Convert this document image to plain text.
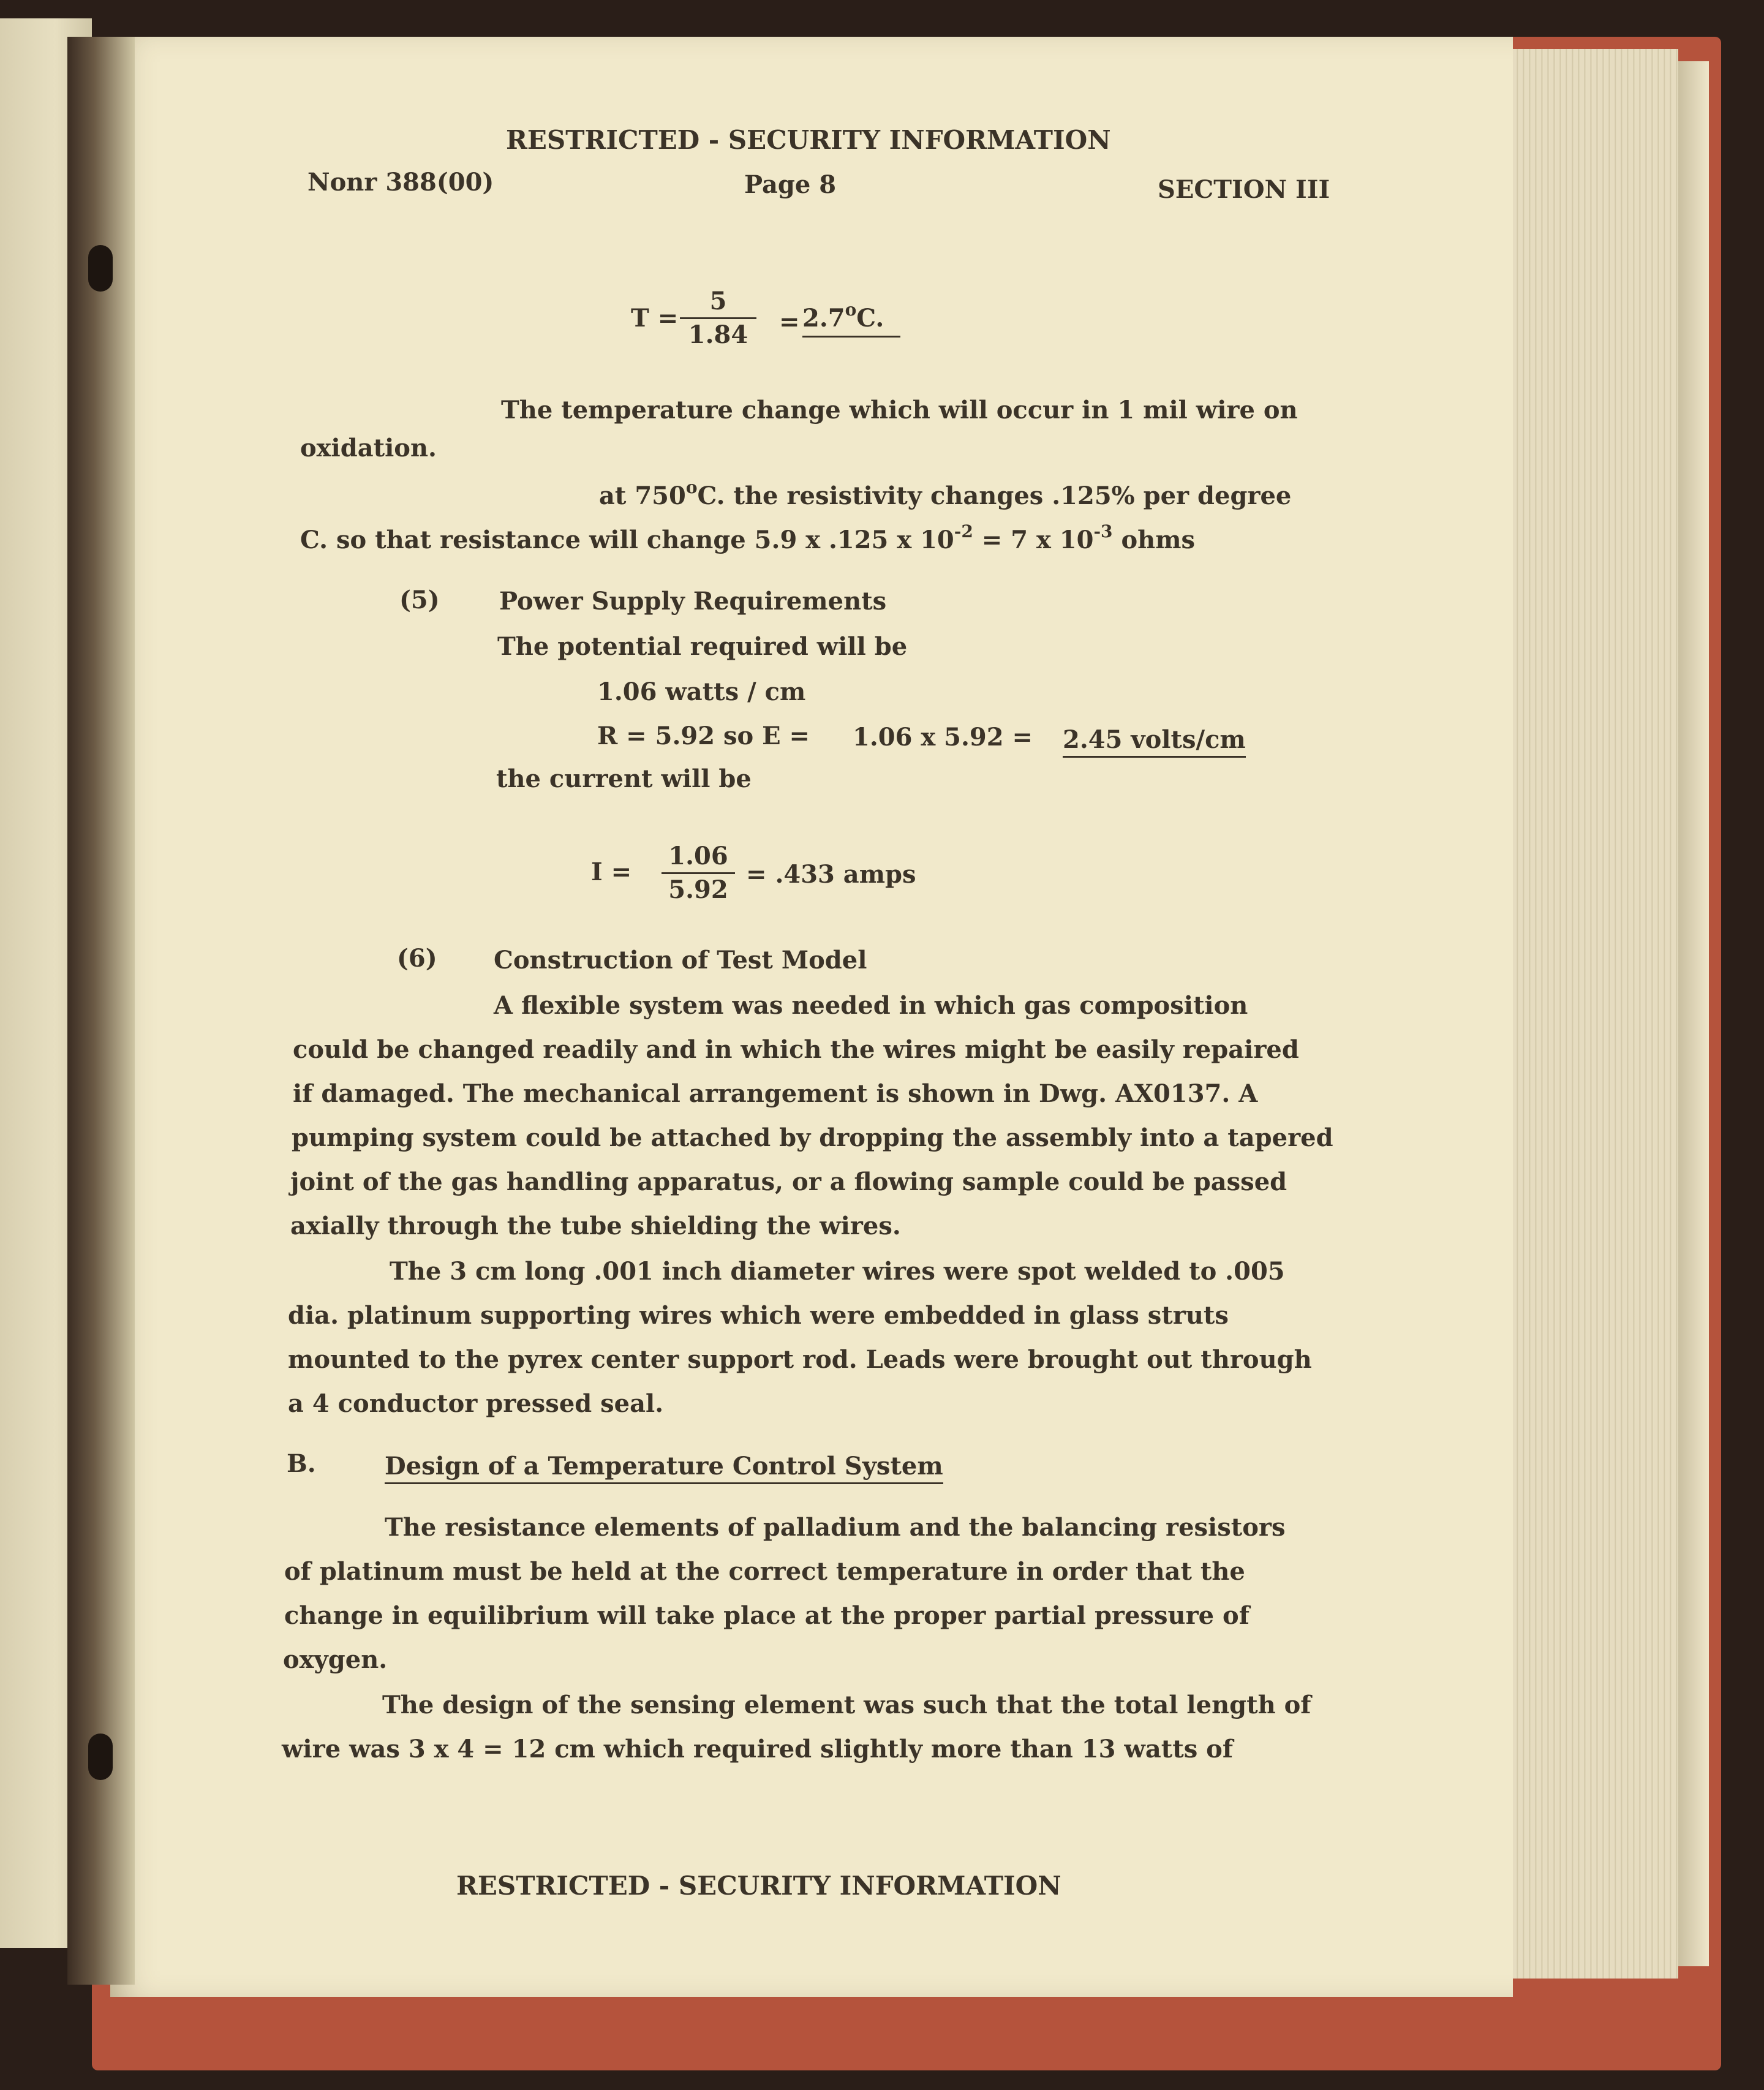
RESTRICTED - SECURITY INFORMATION
Nonr 388(00)	Page 8	SECTION III
$T = \frac{5}{1.84} = 2.7^oC$.
The temperature change which will occur in 1 mil wire on
oxidation.
at 750$^o$C. the resistivity changes .125% per degree
C. so that resistance will change 5.9 x .125 x $10^{-2} = 7$ x $10^{-3}$ ohms
(5) Power Supply Requirements
The potential required will be
1.06 watts / cm
R = 5.92 so E = 1.06 x 5.92 = 2.45 volts/cm
the current will be
$I = \frac{1.06}{5.92} = .433$ amps
(6) Construction of Test Model
A flexible system was needed in which gas composition
could be changed readily and in which the wires might be easily repaired
if damaged. The mechanical arrangement is shown in Dwg. AX0137. A
pumping system could be attached by dropping the assembly into a tapered
joint of the gas handling apparatus, or a flowing sample could be passed
axially through the tube shielding the wires.
The 3 cm long .001 inch diameter wires were spot welded to .005
dia. platinum supporting wires which were embedded in glass struts
mounted to the pyrex center support rod. Leads were brought out through
a 4 conductor pressed seal.
B.	Design of a Temperature Control System
The resistance elements of palladium and the balancing resistors
of platinum must be held at the correct temperature in order that the
change in equilibrium will take place at the proper partial pressure of
oxygen.
The design of the sensing element was such that the total length of
wire was 3 x 4 = 12 cm which required slightly more than 13 watts of
RESTRICTED - SECURITY INFORMATION
